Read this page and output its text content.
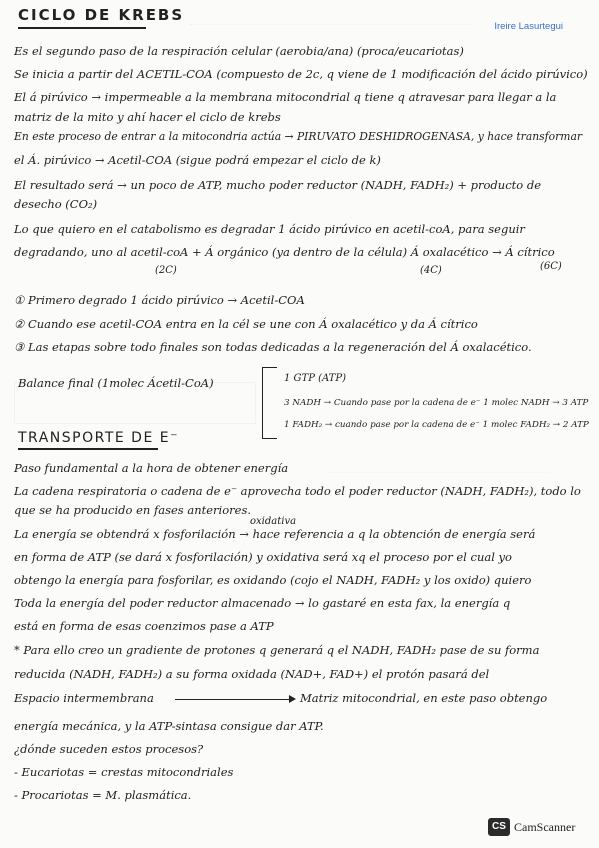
CICLO DE KREBS
Ireire Lasurtegui
Es el segundo paso de la respiración celular (aerobia/ana) (proca/eucariotas)
Se inicia a partir del ACETIL-COA (compuesto de 2c, q viene de 1 modificación del ácido pirúvico)
El á pirúvico → impermeable a la membrana mitocondrial q tiene q atravesar para llegar a la
matriz de la mito y ahí hacer el ciclo de krebs
En este proceso de entrar a la mitocondria actúa → PIRUVATO DESHIDROGENASA, y hace transformar
el Á. pirúvico → Acetil-COA (sigue podrá empezar el ciclo de k)
El resultado será → un poco de ATP, mucho poder reductor (NADH, FADH₂) + producto de
desecho (CO₂)
Lo que quiero en el catabolismo es degradar 1 ácido pirúvico en acetil-coA, para seguir
degradando, uno al acetil-coA + Á orgánico (ya dentro de la célula) Á oxalacético → Á cítrico
(2C)	(4C)	(6C)
① Primero degrado 1 ácido pirúvico → Acetil-COA
② Cuando ese acetil-COA entra en la cél se une con Á oxalacético y da Á cítrico
③ Las etapas sobre todo finales son todas dedicadas a la regeneración del Á oxalacético.
Balance final (1molec Ácetil-CoA)	1 GTP (ATP)
3 NADH → Cuando pase por la cadena de e⁻ 1 molec NADH → 3 ATP
1 FADH₂ → cuando pase por la cadena de e⁻ 1 molec FADH₂ → 2 ATP
TRANSPORTE DE E⁻
Paso fundamental a la hora de obtener energía
La cadena respiratoria o cadena de e⁻ aprovecha todo el poder reductor (NADH, FADH₂), todo lo
que se ha producido en fases anteriores.
oxidativa
La energía se obtendrá x fosforilación → hace referencia a q la obtención de energía será
en forma de ATP (se dará x fosforilación) y oxidativa será xq el proceso por el cual yo
obtengo la energía para fosforilar, es oxidando (cojo el NADH, FADH₂ y los oxido) quiero
Toda la energía del poder reductor almacenado → lo gastaré en esta fax, la energía q
está en forma de esas coenzimos pase a ATP
* Para ello creo un gradiente de protones q generará q el NADH, FADH₂ pase de su forma
reducida (NADH, FADH₂) a su forma oxidada (NAD+, FAD+) el protón pasará del
Espacio intermembrana	Matriz mitocondrial, en este paso obtengo
energía mecánica, y la ATP-sintasa consigue dar ATP.
¿dónde suceden estos procesos?
- Eucariotas = crestas mitocondriales
- Procariotas = M. plasmática.
CS CamScanner
